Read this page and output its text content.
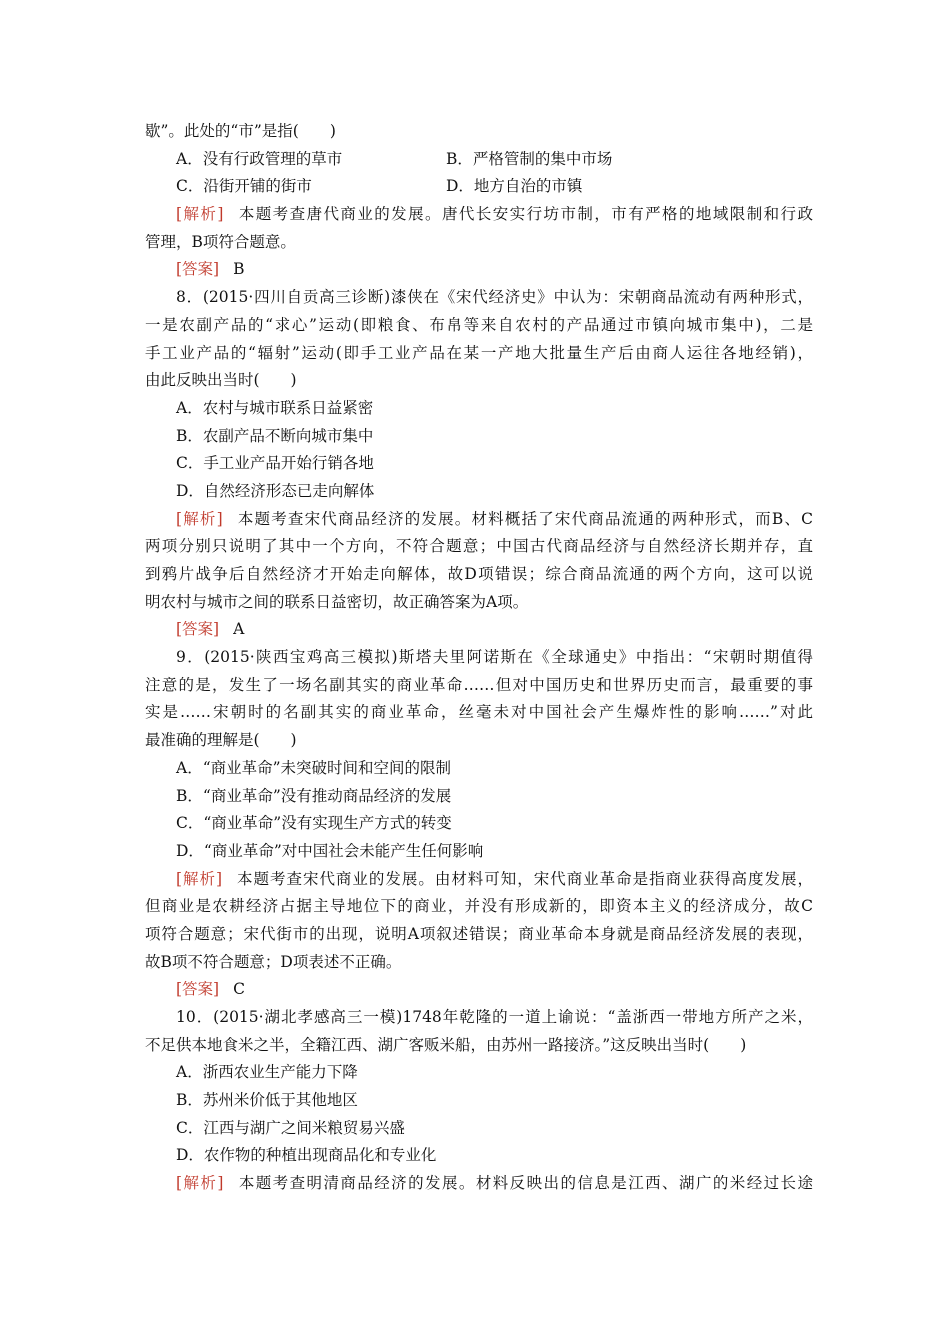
歇”。此处的“市”是指(　　)
A．没有行政管理的草市	B．严格管制的集中市场
C．沿街开铺的街市	D．地方自治的市镇
[解析] 本题考查唐代商业的发展。唐代长安实行坊市制，市有严格的地域限制和行政
管理，B项符合题意。
[答案] B
8．(2015·四川自贡高三诊断)漆侠在《宋代经济史》中认为：宋朝商品流动有两种形式，
一是农副产品的“求心”运动(即粮食、布帛等来自农村的产品通过市镇向城市集中)，二是
手工业产品的“辐射”运动(即手工业产品在某一产地大批量生产后由商人运往各地经销)，
由此反映出当时(　　)
A．农村与城市联系日益紧密
B．农副产品不断向城市集中
C．手工业产品开始行销各地
D．自然经济形态已走向解体
[解析] 本题考查宋代商品经济的发展。材料概括了宋代商品流通的两种形式，而B、C
两项分别只说明了其中一个方向，不符合题意；中国古代商品经济与自然经济长期并存，直
到鸦片战争后自然经济才开始走向解体，故D项错误；综合商品流通的两个方向，这可以说
明农村与城市之间的联系日益密切，故正确答案为A项。
[答案] A
9．(2015·陕西宝鸡高三模拟)斯塔夫里阿诺斯在《全球通史》中指出：“宋朝时期值得
注意的是，发生了一场名副其实的商业革命……但对中国历史和世界历史而言，最重要的事
实是……宋朝时的名副其实的商业革命，丝毫未对中国社会产生爆炸性的影响……”对此
最准确的理解是(　　)
A．“商业革命”未突破时间和空间的限制
B．“商业革命”没有推动商品经济的发展
C．“商业革命”没有实现生产方式的转变
D．“商业革命”对中国社会未能产生任何影响
[解析] 本题考查宋代商业的发展。由材料可知，宋代商业革命是指商业获得高度发展，
但商业是农耕经济占据主导地位下的商业，并没有形成新的，即资本主义的经济成分，故C
项符合题意；宋代街市的出现，说明A项叙述错误；商业革命本身就是商品经济发展的表现，
故B项不符合题意；D项表述不正确。
[答案] C
10．(2015·湖北孝感高三一模)1748年乾隆的一道上谕说：“盖浙西一带地方所产之米，
不足供本地食米之半，全籍江西、湖广客贩米船，由苏州一路接济。”这反映出当时(　　)
A．浙西农业生产能力下降
B．苏州米价低于其他地区
C．江西与湖广之间米粮贸易兴盛
D．农作物的种植出现商品化和专业化
[解析] 本题考查明清商品经济的发展。材料反映出的信息是江西、湖广的米经过长途
